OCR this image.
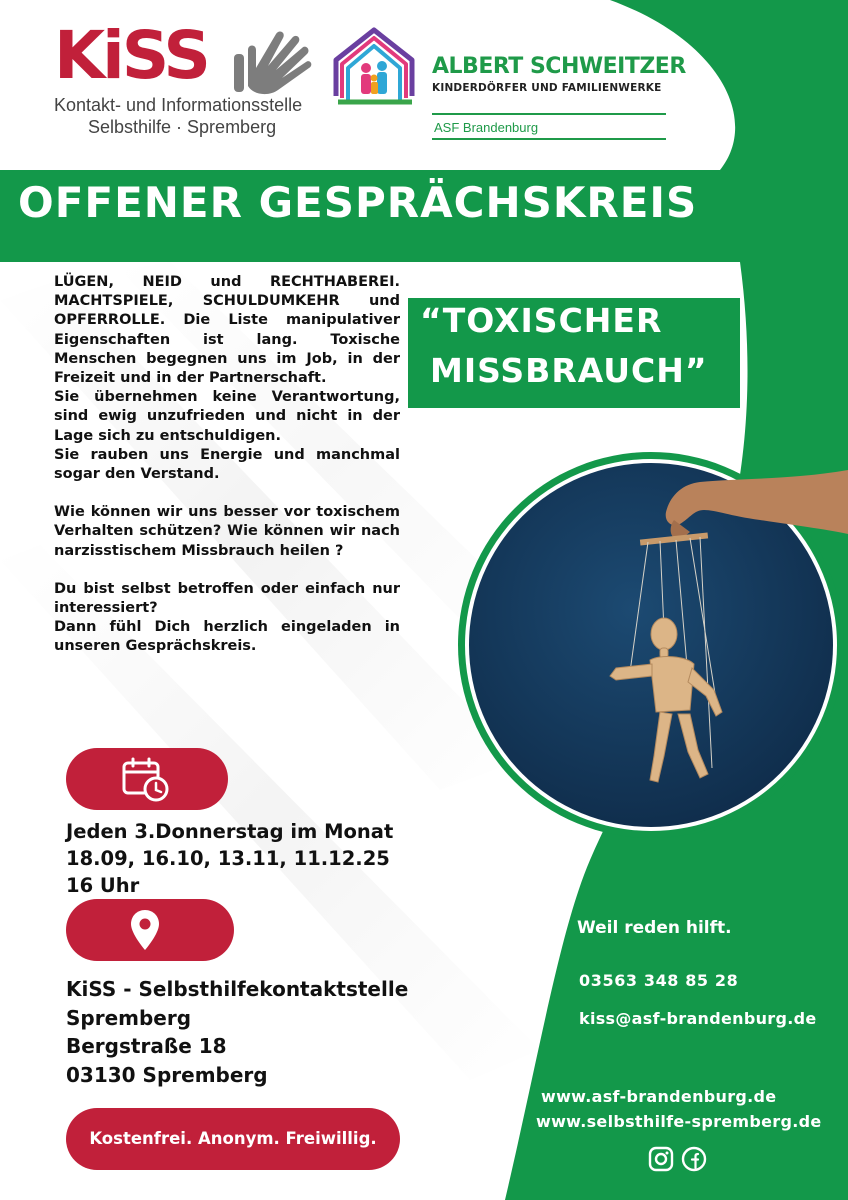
KiSS
Kontakt- und Informationsstelle
Selbsthilfe · Spremberg
ALBERT SCHWEITZER
KINDERDÖRFER UND FAMILIENWERKE
ASF Brandenburg
OFFENER GESPRÄCHSKREIS
“TOXISCHER
MISSBRAUCH”

LÜGEN, NEID und RECHTHABEREI. MACHTSPIELE, SCHULDUMKEHR und OPFERROLLE. Die Liste manipulativer Eigenschaften ist lang. Toxische Menschen begegnen uns im Job, in der Freizeit und in der Partnerschaft.

Sie übernehmen keine Verantwortung, sind ewig unzufrieden und nicht in der Lage sich zu entschuldigen.

Sie rauben uns Energie und manchmal sogar den Verstand.

Wie können wir uns besser vor toxischem Verhalten schützen? Wie können wir nach narzisstischem Missbrauch heilen ?

Du bist selbst betroffen oder einfach nur interessiert?

Dann fühl Dich herzlich eingeladen in unseren Gesprächskreis.

Jeden 3.Donnerstag im Monat
18.09, 16.10, 13.11, 11.12.25
16 Uhr
KiSS - Selbsthilfekontaktstelle
Spremberg
Bergstraße 18
03130 Spremberg
Kostenfrei. Anonym. Freiwillig.
Weil reden hilft.
03563 348 85 28
kiss@asf-brandenburg.de
www.asf-brandenburg.de
www.selbsthilfe-spremberg.de
